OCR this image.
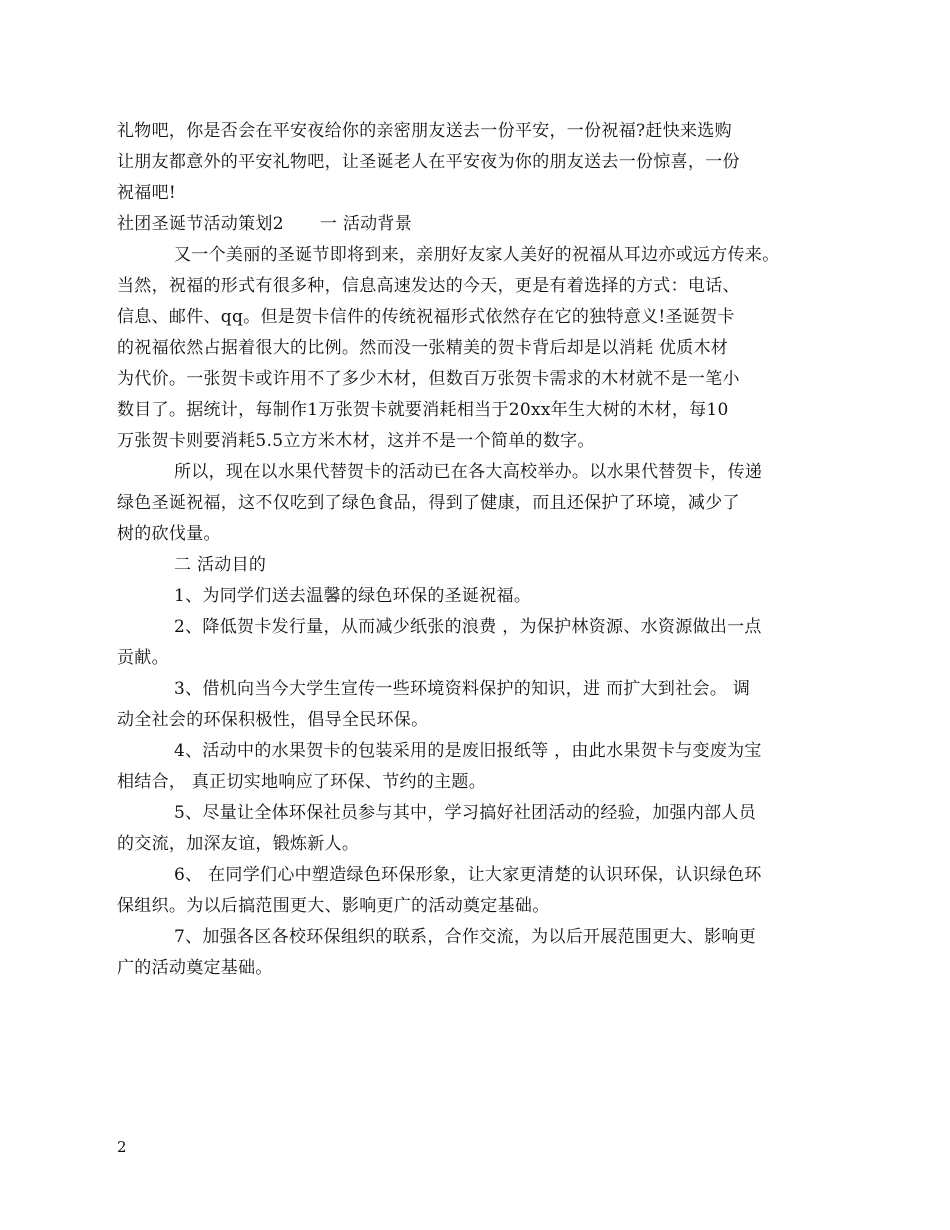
礼物吧，你是否会在平安夜给你的亲密朋友送去一份平安，一份祝福?赶快来选购
让朋友都意外的平安礼物吧，让圣诞老人在平安夜为你的朋友送去一份惊喜，一份
祝福吧!
社团圣诞节活动策划2 一 活动背景
又一个美丽的圣诞节即将到来，亲朋好友家人美好的祝福从耳边亦或远方传来。
当然，祝福的形式有很多种，信息高速发达的今天，更是有着选择的方式：电话、
信息、邮件、qq。但是贺卡信件的传统祝福形式依然存在它的独特意义!圣诞贺卡
的祝福依然占据着很大的比例。然而没一张精美的贺卡背后却是以消耗 优质木材
为代价。一张贺卡或许用不了多少木材，但数百万张贺卡需求的木材就不是一笔小
数目了。据统计，每制作1万张贺卡就要消耗相当于20xx年生大树的木材，每10
万张贺卡则要消耗5.5立方米木材，这并不是一个简单的数字。
所以，现在以水果代替贺卡的活动已在各大高校举办。以水果代替贺卡，传递
绿色圣诞祝福，这不仅吃到了绿色食品，得到了健康，而且还保护了环境，减少了
树的砍伐量。
二 活动目的
1、为同学们送去温馨的绿色环保的圣诞祝福。
2、降低贺卡发行量，从而减少纸张的浪费 ，为保护林资源、水资源做出一点
贡献。
3、借机向当今大学生宣传一些环境资料保护的知识，进 而扩大到社会。 调
动全社会的环保积极性，倡导全民环保。
4、活动中的水果贺卡的包装采用的是废旧报纸等 ，由此水果贺卡与变废为宝
相结合， 真正切实地响应了环保、节约的主题。
5、尽量让全体环保社员参与其中，学习搞好社团活动的经验，加强内部人员
的交流，加深友谊，锻炼新人。
6、 在同学们心中塑造绿色环保形象，让大家更清楚的认识环保，认识绿色环
保组织。为以后搞范围更大、影响更广的活动奠定基础。
7、加强各区各校环保组织的联系，合作交流，为以后开展范围更大、影响更
广的活动奠定基础。
2
